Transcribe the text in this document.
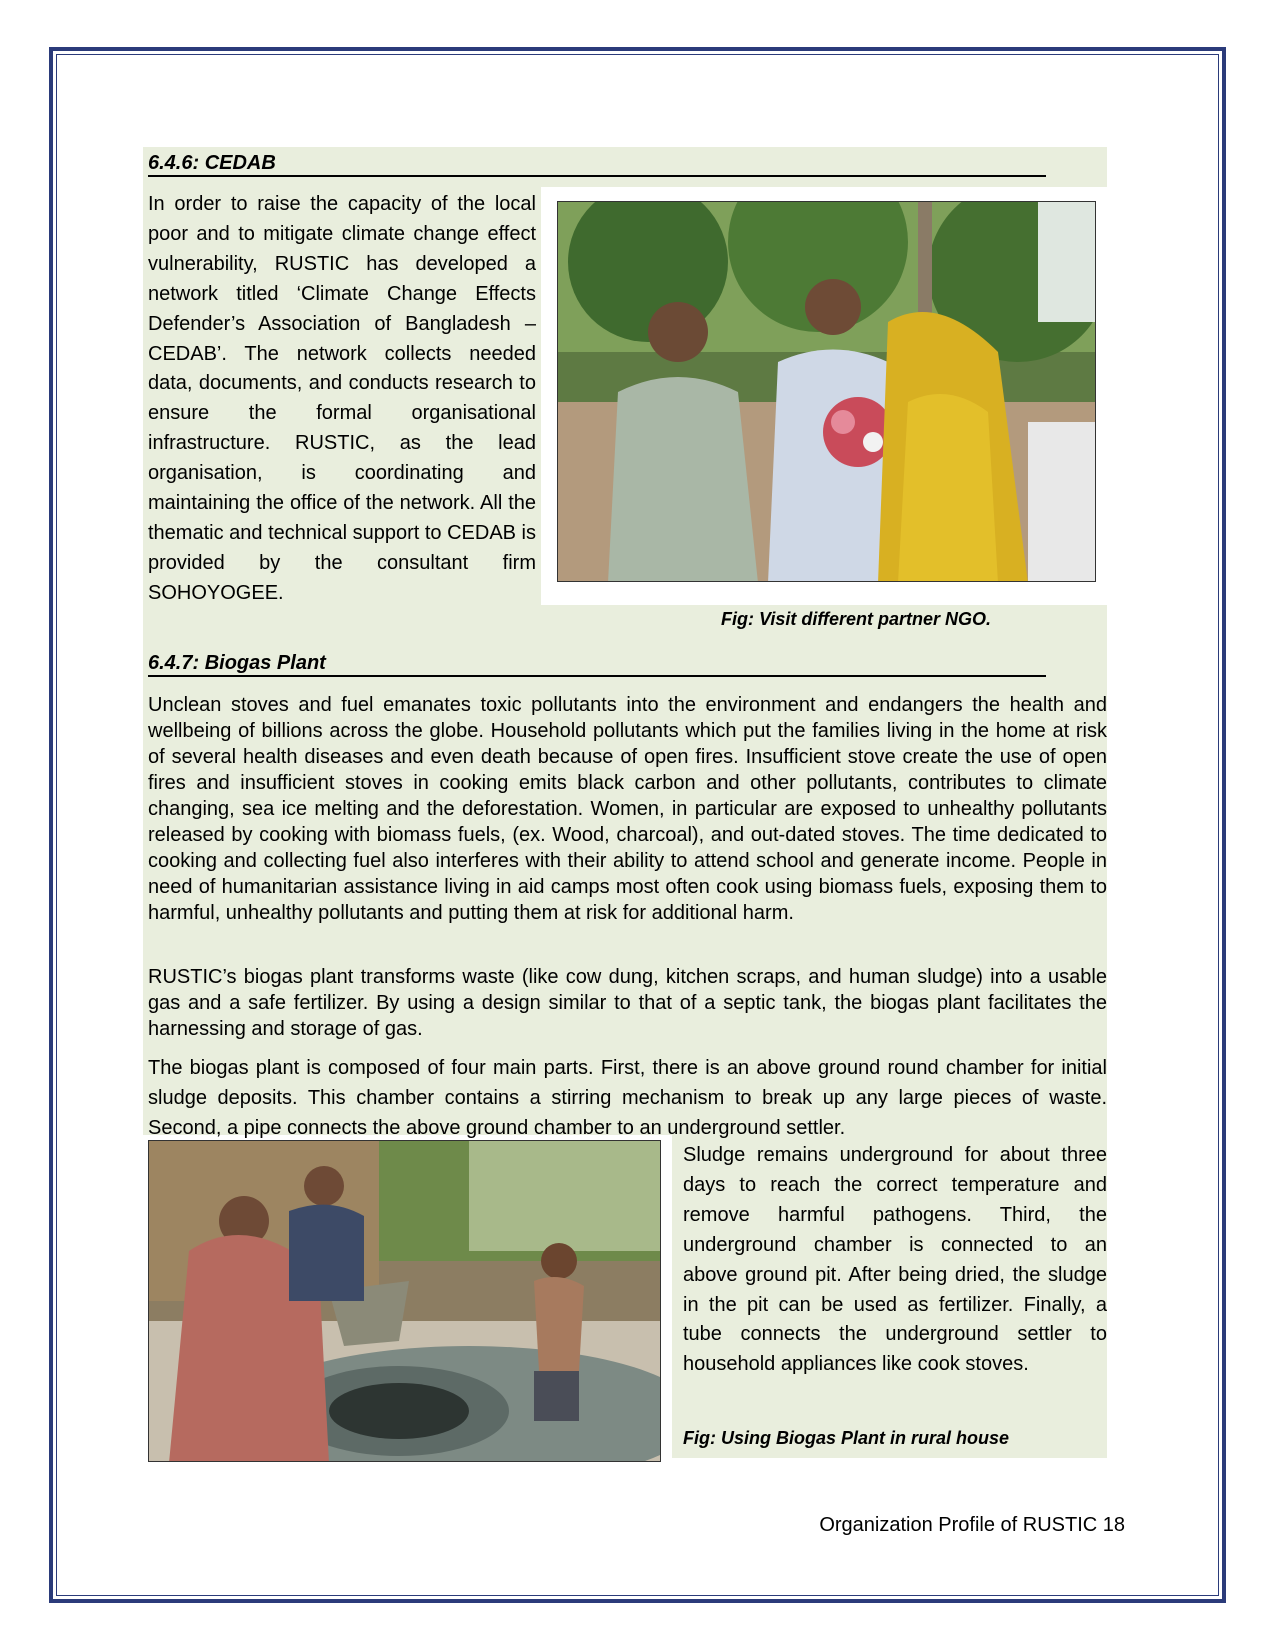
6.4.6: CEDAB

In order to raise the capacity of the local poor and to mitigate climate change effect vulnerability, RUSTIC has developed a network titled ‘Climate Change Effects Defender’s Association of Bangladesh – CEDAB’. The network collects needed data, documents, and conducts research to ensure the formal organisational infrastructure. RUSTIC, as the lead organisation, is coordinating and maintaining the office of the network. All the thematic and technical support to CEDAB is provided by the consultant firm SOHOYOGEE.

Fig: Visit different partner NGO.
6.4.7: Biogas Plant

Unclean stoves and fuel emanates toxic pollutants into the environment and endangers the health and wellbeing of billions across the globe. Household pollutants which put the families living in the home at risk of several health diseases and even death because of open fires. Insufficient stove create the use of open fires and insufficient stoves in cooking emits black carbon and other pollutants, contributes to climate changing, sea ice melting and the deforestation. Women, in particular are exposed to unhealthy pollutants released by cooking with biomass fuels, (ex. Wood, charcoal), and out-dated stoves. The time dedicated to cooking and collecting fuel also interferes with their ability to attend school and generate income. People in need of humanitarian assistance living in aid camps most often cook using biomass fuels, exposing them to harmful, unhealthy pollutants and putting them at risk for additional harm.

RUSTIC’s biogas plant transforms waste (like cow dung, kitchen scraps, and human sludge) into a usable gas and a safe fertilizer. By using a design similar to that of a septic tank, the biogas plant facilitates the harnessing and storage of gas.

The biogas plant is composed of four main parts. First, there is an above ground round chamber for initial sludge deposits. This chamber contains a stirring mechanism to break up any large pieces of waste. Second, a pipe connects the above ground chamber to an underground settler.

Sludge remains underground for about three days to reach the correct temperature and remove harmful pathogens. Third, the underground chamber is connected to an above ground pit. After being dried, the sludge in the pit can be used as fertilizer. Finally, a tube connects the underground settler to household appliances like cook stoves.

Fig: Using Biogas Plant in rural house
Organization Profile of RUSTIC 18
